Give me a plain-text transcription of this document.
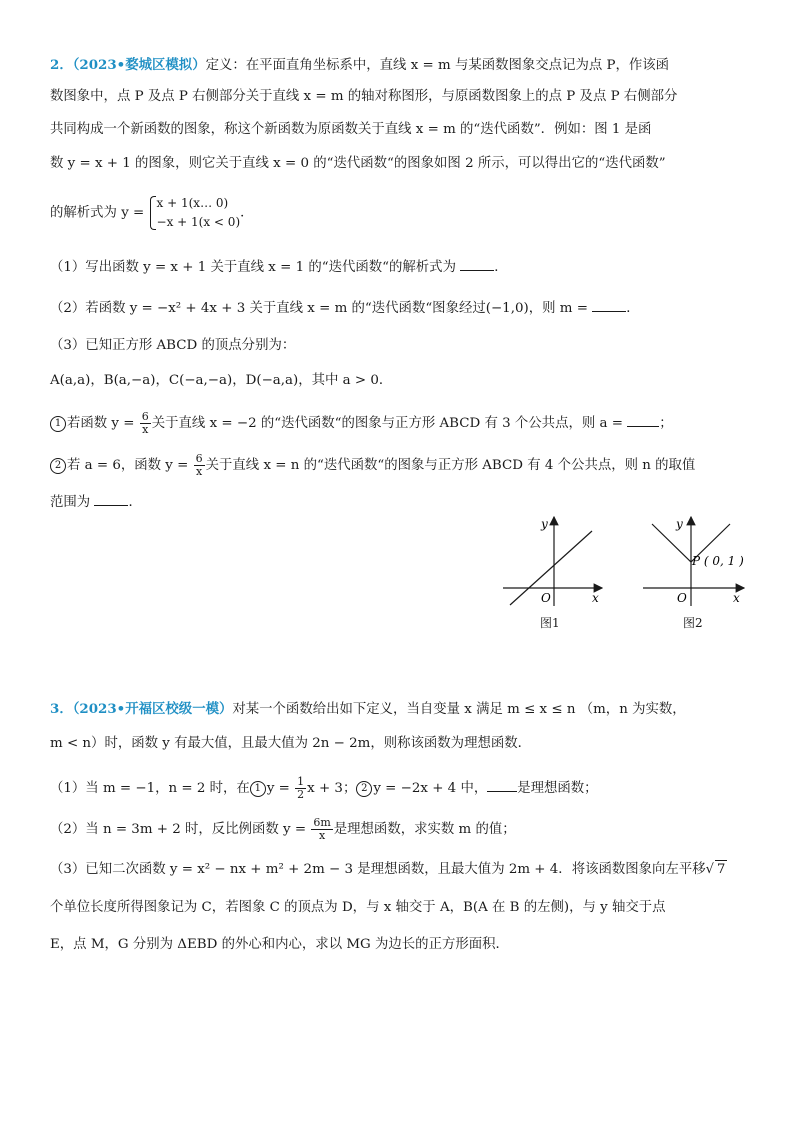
2．（2023•婺城区模拟）定义：在平面直角坐标系中，直线 x = m 与某函数图象交点记为点 P，作该函
数图象中，点 P 及点 P 右侧部分关于直线 x = m 的轴对称图形，与原函数图象上的点 P 及点 P 右侧部分
共同构成一个新函数的图象，称这个新函数为原函数关于直线 x = m 的“迭代函数”．例如：图 1 是函
数 y = x + 1 的图象，则它关于直线 x = 0 的“迭代函数“的图象如图 2 所示，可以得出它的“迭代函数”
的解析式为 y =
x + 1(x… 0)
−x + 1(x < 0)
．
（1）写出函数 y = x + 1 关于直线 x = 1 的“迭代函数“的解析式为	．
（2）若函数 y = −x² + 4x + 3 关于直线 x = m 的“迭代函数“图象经过(−1,0)，则 m =	．
（3）已知正方形 ABCD 的顶点分别为：
A(a,a)，B(a,−a)，C(−a,−a)，D(−a,a)，其中 a > 0．
1 若函数 $y = \frac{6}{x}$ 关于直线 x = −2 的“迭代函数“的图象与正方形 ABCD 有 3 个公共点，则 a =	；
2 若 a = 6，函数 $y = \frac{6}{x}$ 关于直线 x = n 的“迭代函数“的图象与正方形 ABCD 有 4 个公共点，则 n 的取值
范围为	．
y
x
O
图1
y
P ( 0, 1 )
x
O
图2
3．（2023•开福区校级一模）对某一个函数给出如下定义，当自变量 x 满足 m ≤ x ≤ n （m，n 为实数，
m < n）时，函数 y 有最大值，且最大值为 2n − 2m，则称该函数为理想函数．
（1）当 m = −1，n = 2 时，在 1 $y = \frac{1}{2}$ x + 3； 2 y = −2x + 4 中， 是理想函数；
（2）当 n = 3m + 2 时，反比例函数 $y = \frac{6m}{x}$ 是理想函数，求实数 m 的值；
（3）已知二次函数 y = x² − nx + m² + 2m − 3 是理想函数，且最大值为 2m + 4．将该函数图象向左平移√ 7
个单位长度所得图象记为 C，若图象 C 的顶点为 D，与 x 轴交于 A，B(A 在 B 的左侧)，与 y 轴交于点
E，点 M，G 分别为 ΔEBD 的外心和内心，求以 MG 为边长的正方形面积．
